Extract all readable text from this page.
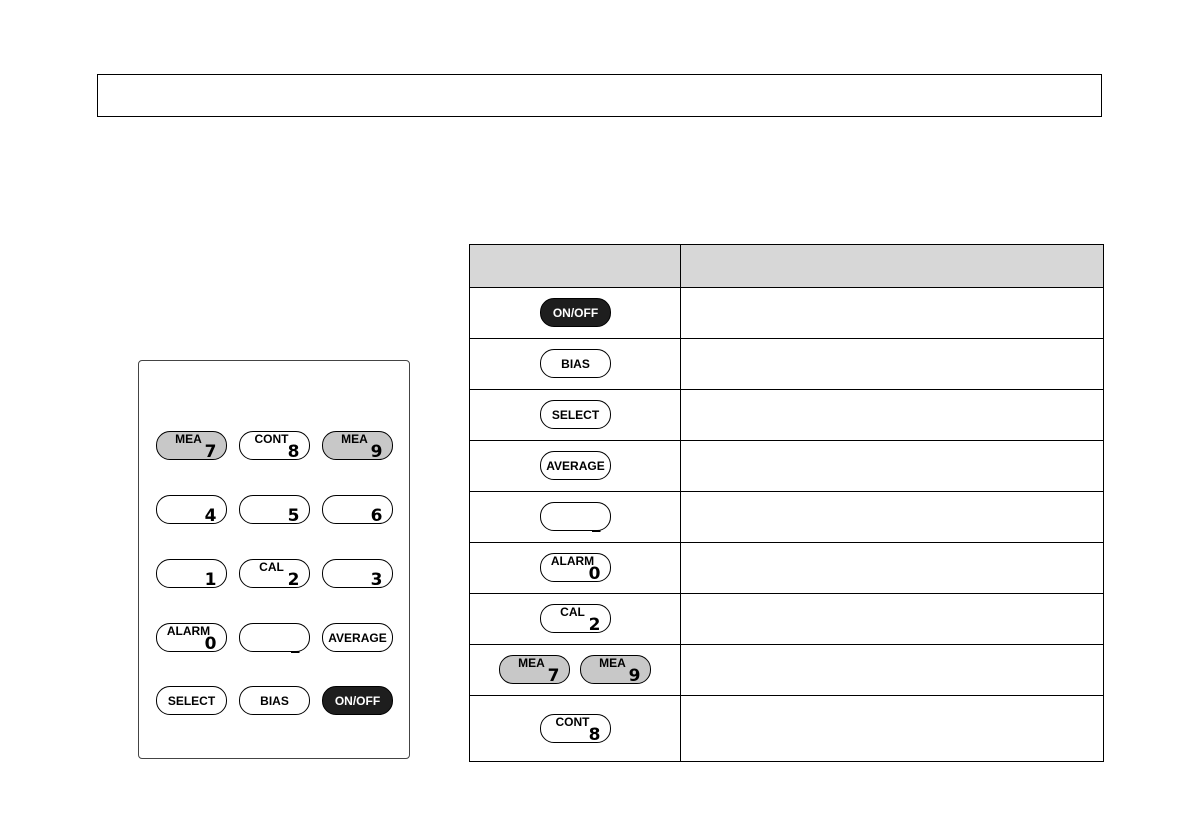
MEA
7
CONT
8
MEA
9
4	5	6
1
CAL
2	3
ALARM
0	_	AVERAGE
SELECT	BIAS	ON/OFF
ON/OFF
BIAS
SELECT
AVERAGE
_
ALARM
0
CAL
2
MEA
7
MEA
9
CONT
8
